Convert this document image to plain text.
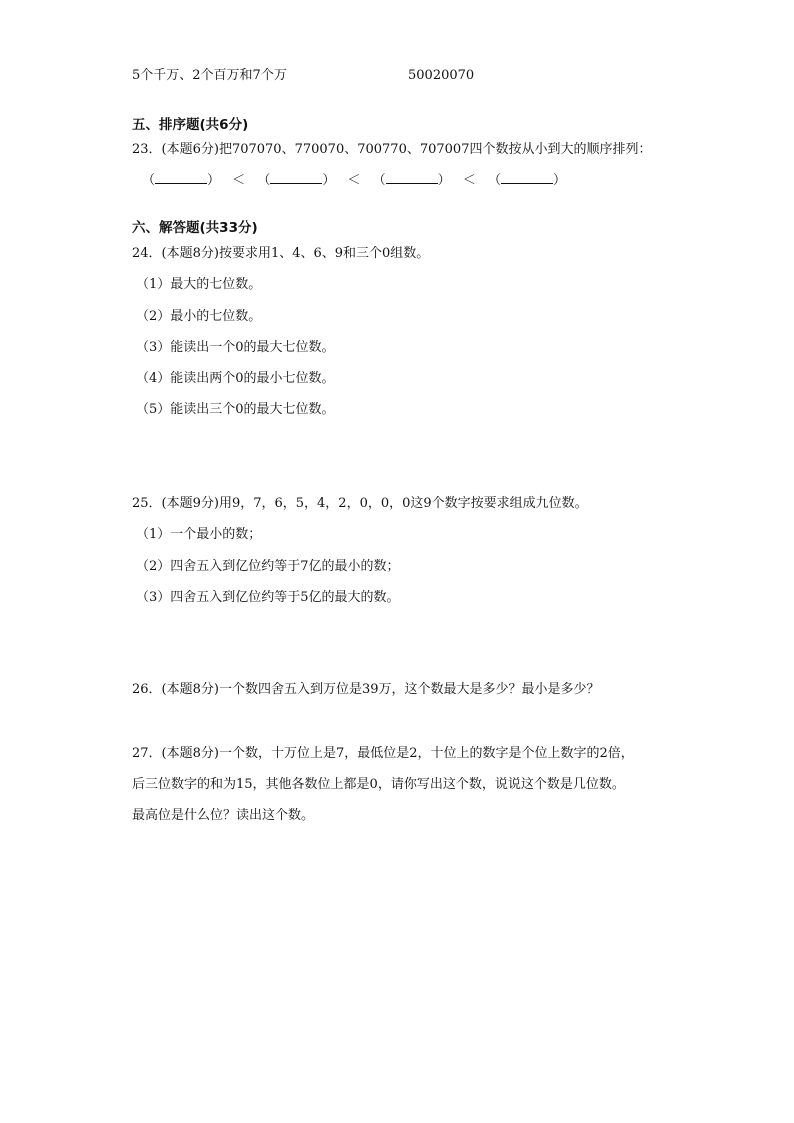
5个千万、2个百万和7个万	50020070
五、排序题(共6分)
23．(本题6分)把707070、770070、700770、707007四个数按从小到大的顺序排列：
（	） ＜ （	） ＜ （	） ＜ （	）
六、解答题(共33分)
24．(本题8分)按要求用1、4、6、9和三个0组数。
（1）最大的七位数。
（2）最小的七位数。
（3）能读出一个0的最大七位数。
（4）能读出两个0的最小七位数。
（5）能读出三个0的最大七位数。
25．(本题9分)用9，7，6，5，4，2，0，0，0这9个数字按要求组成九位数。
（1）一个最小的数；
（2）四舍五入到亿位约等于7亿的最小的数；
（3）四舍五入到亿位约等于5亿的最大的数。
26．(本题8分)一个数四舍五入到万位是39万，这个数最大是多少？最小是多少？
27．(本题8分)一个数，十万位上是7，最低位是2，十位上的数字是个位上数字的2倍，
后三位数字的和为15，其他各数位上都是0，请你写出这个数，说说这个数是几位数。
最高位是什么位？读出这个数。
